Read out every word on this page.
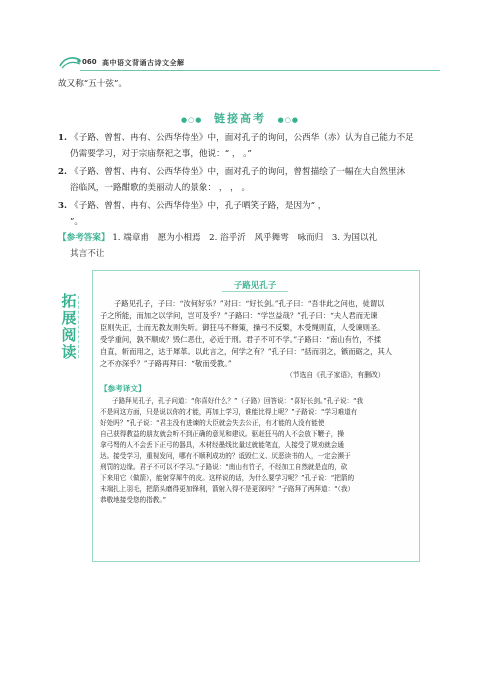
060 高中语文背诵古诗文全解
故又称“五十弦”。
●○● 链接高考 ●○●
1. 《子路、曾皙、冉有、公西华侍坐》中，面对孔子的询问，公西华（赤）认为自己能力不足
仍需要学习，对于宗庙祭祀之事，他说：“ ， 。”
2. 《子路、曾皙、冉有、公西华侍坐》中，面对孔子的询问，曾皙描绘了一幅在大自然里沐
浴临风，一路酣歌的美丽动人的景象： ， ， 。
3. 《子路、曾皙、冉有、公西华侍坐》中，孔子哂笑子路，是因为“ ，
”。
【参考答案】 1. 端章甫　愿为小相焉　2. 浴乎沂　风乎舞雩　咏而归　3. 为国以礼
其言不让
拓
展
阅
读
子路见孔子
子路见孔子，子曰：“汝何好乐？”对曰：“好长剑。”孔子曰：“吾非此之问也，徒谓以
子之所能，而加之以学问，岂可及乎？”子路曰：“学岂益哉？”孔子曰：“夫人君而无谏
臣则失正，士而无教友则失听。御狂马不释策，操弓不反檠，木受绳则直，人受谏则圣。
受学重问，孰不顺成？毁仁恶仕，必近于刑。君子不可不学。”子路曰：“南山有竹，不揉
自直，斩而用之，达于犀革。以此言之，何学之有？”孔子曰：“括而羽之，镞而砺之，其人
之不亦深乎？”子路再拜曰：“敬而受教。”
（节选自《孔子家语》，有删改）
【参考译文】
子路拜见孔子，孔子问道：“你喜好什么？”（子路）回答说：“喜好长剑。”孔子说：“我
不是问这方面，只是说以你的才能，再加上学习，谁能比得上呢？”子路说：“学习难道有
好处吗？”孔子说：“君主没有进谏的大臣就会失去公正，有才能的人没有能使
自己获得教益的朋友就会听不到正确的意见和建议。驱赶狂马的人不会放下鞭子，操
拿弓弩的人不会丢下正弓的器具，木材经墨线比量过就能笔直，人接受了规劝就会通
达。接受学习，重视发问，哪有不顺利成功的？诋毁仁义、厌恶读书的人，一定会濒于
刑罚的边缘。君子不可以不学习。”子路说：“南山有竹子，不经加工自然就是直的，砍
下来用它（做箭），能射穿犀牛的皮。这样说的话，为什么要学习呢？”孔子说：“把箭的
末端扎上羽毛，把箭头磨得更加锋利，箭射入得不是更深吗？”子路拜了两拜道：“（我）
恭敬地接受您的指教。”
